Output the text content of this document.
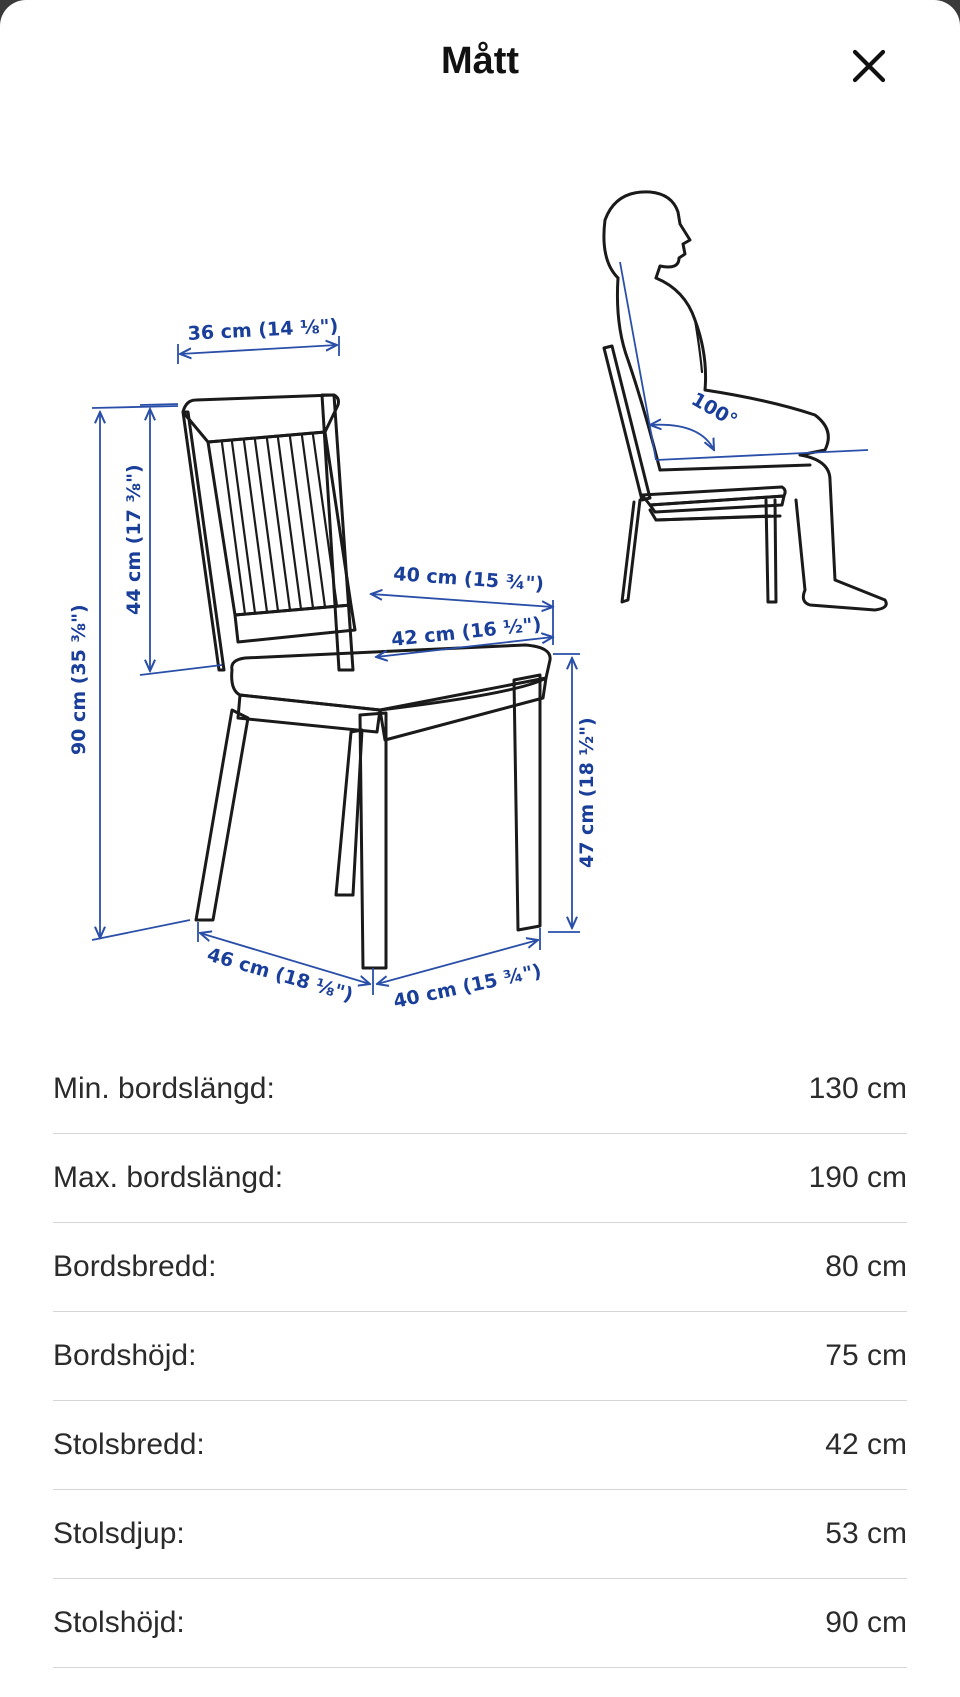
Mått
36 cm (14 ⅛")
90 cm (35 ⅜")
44 cm (17 ⅜")	40 cm (15 ¾")
42 cm (16 ½")
47 cm (18 ½")
46 cm (18 ⅛") 40 cm (15 ¾")
100°
Min. bordslängd:	130 cm
Max. bordslängd:	190 cm
Bordsbredd:	80 cm
Bordshöjd:	75 cm
Stolsbredd:	42 cm
Stolsdjup:	53 cm
Stolshöjd:	90 cm
